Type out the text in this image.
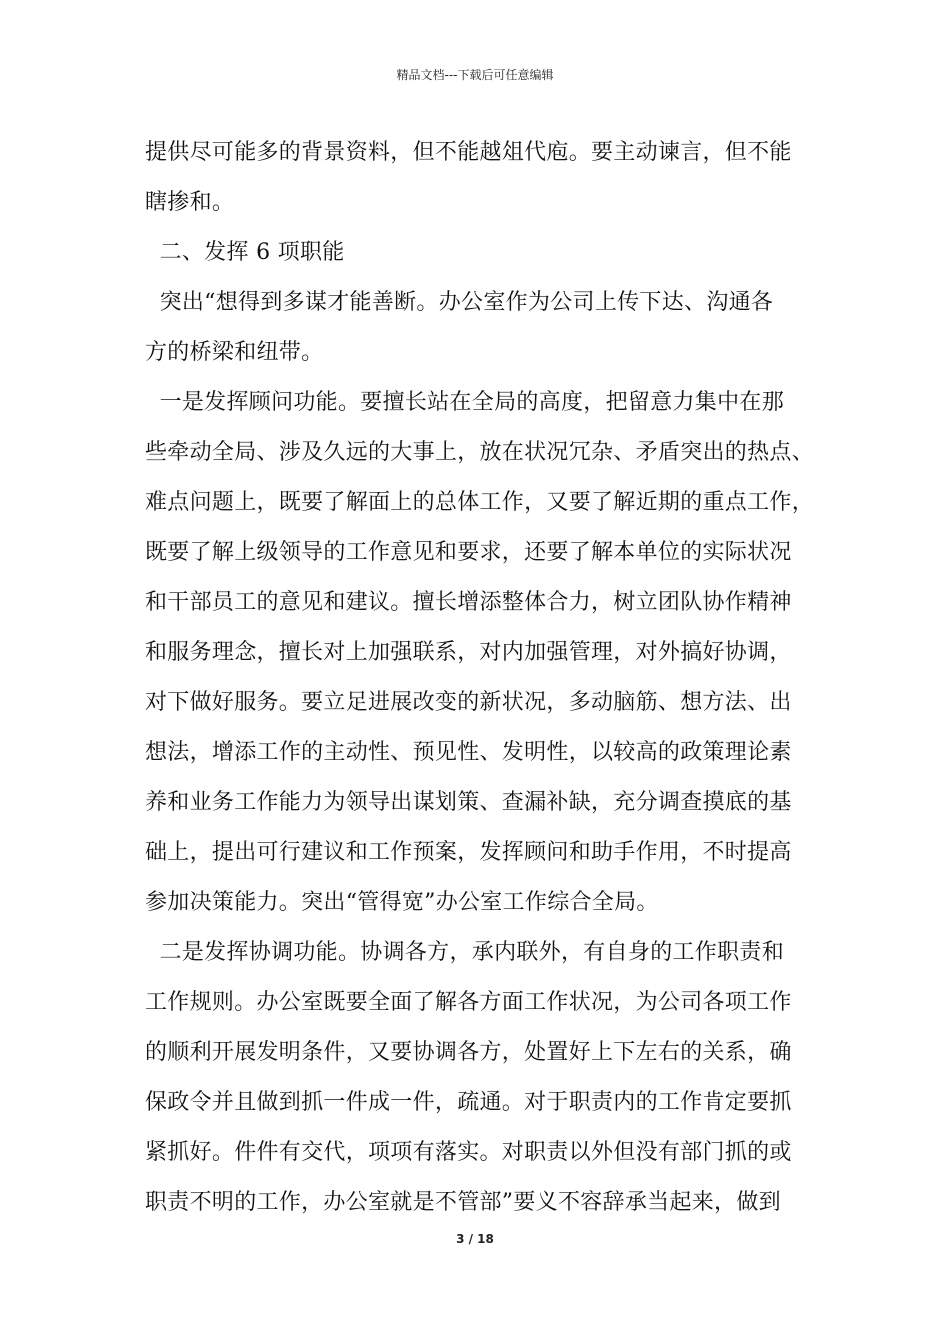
精品文档---下载后可任意编辑
提供尽可能多的背景资料，但不能越俎代庖。要主动谏言，但不能
瞎掺和。
二、发挥 6 项职能
突出“想得到多谋才能善断。办公室作为公司上传下达、沟通各
方的桥梁和纽带。
一是发挥顾问功能。要擅长站在全局的高度，把留意力集中在那
些牵动全局、涉及久远的大事上，放在状况冗杂、矛盾突出的热点、
难点问题上，既要了解面上的总体工作，又要了解近期的重点工作，
既要了解上级领导的工作意见和要求，还要了解本单位的实际状况
和干部员工的意见和建议。擅长增添整体合力，树立团队协作精神
和服务理念，擅长对上加强联系，对内加强管理，对外搞好协调，
对下做好服务。要立足进展改变的新状况，多动脑筋、想方法、出
想法，增添工作的主动性、预见性、发明性，以较高的政策理论素
养和业务工作能力为领导出谋划策、查漏补缺，充分调查摸底的基
础上，提出可行建议和工作预案，发挥顾问和助手作用，不时提高
参加决策能力。突出“管得宽”办公室工作综合全局。
二是发挥协调功能。协调各方，承内联外，有自身的工作职责和
工作规则。办公室既要全面了解各方面工作状况，为公司各项工作
的顺利开展发明条件，又要协调各方，处置好上下左右的关系，确
保政令并且做到抓一件成一件，疏通。对于职责内的工作肯定要抓
紧抓好。件件有交代，项项有落实。对职责以外但没有部门抓的或
职责不明的工作，办公室就是不管部”要义不容辞承当起来，做到
3 / 18
